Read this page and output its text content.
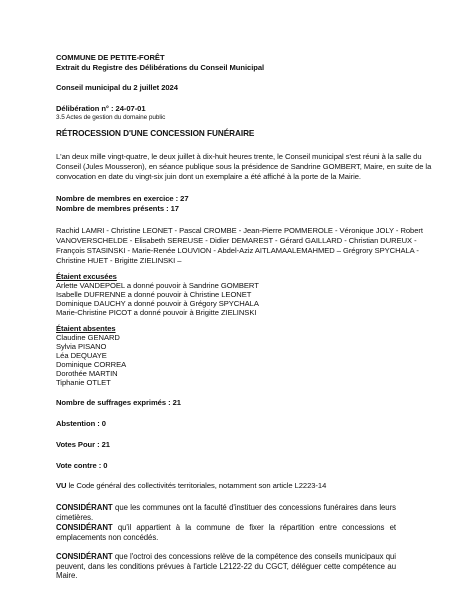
COMMUNE DE PETITE-FORÊT
Extrait du Registre des Délibérations du Conseil Municipal
Conseil municipal du 2 juillet 2024
Délibération n° : 24-07-01
3.5 Actes de gestion du domaine public
RÉTROCESSION D'UNE CONCESSION FUNÉRAIRE
L'an deux mille vingt-quatre, le deux juillet à dix-huit heures trente, le Conseil municipal s'est réuni à la salle du
Conseil (Jules Mousseron), en séance publique sous la présidence de Sandrine GOMBERT, Maire, en suite de la
convocation en date du vingt-six juin dont un exemplaire a été affiché à la porte de la Mairie.
Nombre de membres en exercice : 27
Nombre de membres présents : 17
Rachid LAMRI - Christine LEONET - Pascal CROMBE - Jean-Pierre POMMEROLE - Véronique JOLY - Robert
VANOVERSCHELDE - Elisabeth SEREUSE - Didier DEMAREST - Gérard GAILLARD - Christian DUREUX -
François STASINSKI - Marie-Renée LOUVION - Abdel-Aziz AITLAMAALEMAHMED – Grégrory SPYCHALA -
Christine HUET - Brigitte ZIELINSKI –
Étaient excusées
Arlette VANDEPOEL a donné pouvoir à Sandrine GOMBERT
Isabelle DUFRENNE a donné pouvoir à Christine LEONET
Dominique DAUCHY a donné pouvoir à Grégory SPYCHALA
Marie-Christine PICOT a donné pouvoir à Brigitte ZIELINSKI
Étaient absentes
Claudine GENARD
Sylvia PISANO
Léa DEQUAYE
Dominique CORREA
Dorothée MARTIN
Tiphanie OTLET
Nombre de suffrages exprimés : 21
Abstention : 0
Votes Pour : 21
Vote contre : 0
VU le Code général des collectivités territoriales, notamment son article L2223-14
CONSIDÉRANT que les communes ont la faculté d'instituer des concessions funéraires dans leurs cimetières.
CONSIDÉRANT qu'il appartient à la commune de fixer la répartition entre concessions et emplacements non concédés.
CONSIDÉRANT que l'octroi des concessions relève de la compétence des conseils municipaux qui peuvent, dans les conditions prévues à l'article L2122-22 du CGCT, déléguer cette compétence au Maire.
